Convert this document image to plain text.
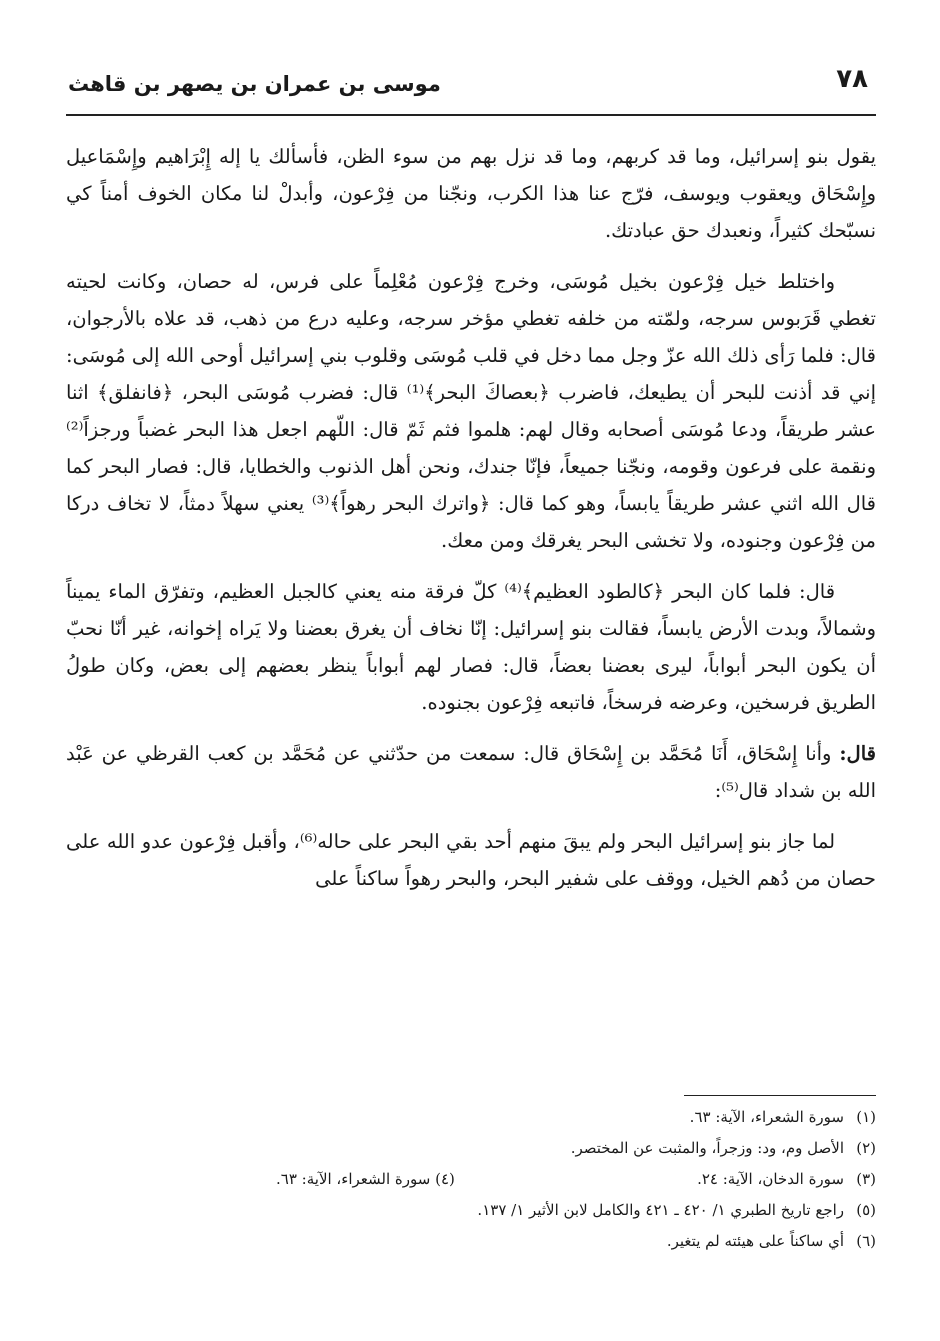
٧٨
موسى بن عمران بن يصهر بن قاهث

يقول بنو إسرائيل، وما قد كربهم، وما قد نزل بهم من سوء الظن، فأسألك يا إله إِبْرَاهيم وإِسْمَاعيل وإِسْحَاق ويعقوب ويوسف، فرّج عنا هذا الكرب، ونجّنا من فِرْعون، وأبدلْ لنا مكان الخوف أمناً كي نسبّحك كثيراً، ونعبدك حق عبادتك.

واختلط خيل فِرْعون بخيل مُوسَى، وخرج فِرْعون مُعْلِماً على فرس، له حصان، وكانت لحيته تغطي قَرَبوس سرجه، ولمّته من خلفه تغطي مؤخر سرجه، وعليه درع من ذهب، قد علاه بالأرجوان، قال: فلما رَأى ذلك الله عزّ وجل مما دخل في قلب مُوسَى وقلوب بني إسرائيل أوحى الله إلى مُوسَى: إني قد أذنت للبحر أن يطيعك، فاضرب ﴿بعصاكَ البحر﴾⁽¹⁾ قال: فضرب مُوسَى البحر، ﴿فانفلق﴾ اثنا عشر طريقاً، ودعا مُوسَى أصحابه وقال لهم: هلموا فثم ثَمّ قال: اللّهم اجعل هذا البحر غضباً ورجزاً⁽²⁾ ونقمة على فرعون وقومه، ونجّنا جميعاً، فإنّا جندك، ونحن أهل الذنوب والخطايا، قال: فصار البحر كما قال الله اثني عشر طريقاً يابساً، وهو كما قال: ﴿واترك البحر رهواً﴾⁽³⁾ يعني سهلاً دمثاً، لا تخاف دركا من فِرْعون وجنوده، ولا تخشى البحر يغرقك ومن معك.

قال: فلما كان البحر ﴿كالطود العظيم﴾⁽⁴⁾ كلّ فرقة منه يعني كالجبل العظيم، وتفرّق الماء يميناً وشمالاً، وبدت الأرض يابساً، فقالت بنو إسرائيل: إنّا نخاف أن يغرق بعضنا ولا يَراه إخوانه، غير أنّا نحبّ أن يكون البحر أبواباً، ليرى بعضنا بعضاً، قال: فصار لهم أبواباً ينظر بعضهم إلى بعض، وكان طولُ الطريق فرسخين، وعرضه فرسخاً، فاتبعه فِرْعون بجنوده.

قال: وأنا إِسْحَاق، أَنَا مُحَمَّد بن إِسْحَاق قال: سمعت من حدّثني عن مُحَمَّد بن كعب القرظي عن عَبْد الله بن شداد قال⁽⁵⁾:

لما جاز بنو إسرائيل البحر ولم يبقَ منهم أحد بقي البحر على حاله⁽⁶⁾، وأقبل فِرْعون عدو الله على حصان من دُهم الخيل، ووقف على شفير البحر، والبحر رهواً ساكناً على

(١)سورة الشعراء، الآية: ٦٣.
(٢)الأصل وم، ود: وزجراً، والمثبت عن المختصر.
(٣)سورة الدخان، الآية: ٢٤.
(٤) سورة الشعراء، الآية: ٦٣.
(٥)راجع تاريخ الطبري ١/ ٤٢٠ ـ ٤٢١ والكامل لابن الأثير ١/ ١٣٧.
(٦)أي ساكناً على هيئته لم يتغير.
